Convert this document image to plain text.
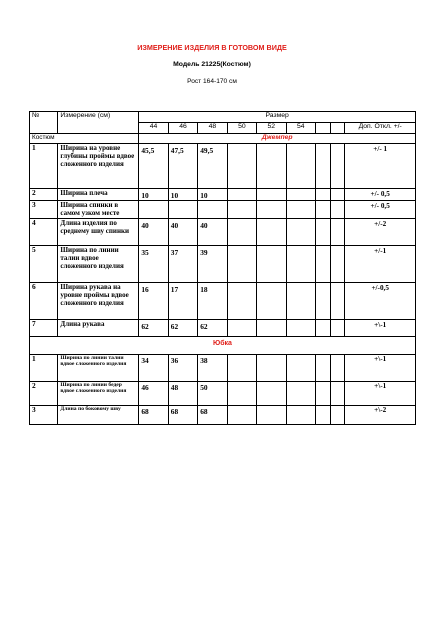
ИЗМЕРЕНИЕ ИЗДЕЛИЯ В ГОТОВОМ ВИДЕ
Модель 21225(Костюм)
Рост 164-170 см
№	Измерение (см)	Размер								
		44	46	48	50	52	54			Доп. Откл. +/-
Костюм		Джемпер								
1	Ширина на уровне глубины проймы вдвое сложенного изделия	45,5	47,5	49,5						+/- 1
2	Ширина плеча	10	10	10						+/- 0,5
3	Ширина спинки в самом узком месте									+/- 0,5
4	Длина изделия по среднему шву спинки	40	40	40						+/-2
5	Ширина по линии талии вдвое сложенного изделия	35	37	39						+/-1
6	Ширина рукава на уровне проймы вдвое сложенного изделия	16	17	18						+/-0,5
7	Длина рукава	62	62	62						+\-1
Юбка										
1	Ширина по линии талии вдвое сложенного изделия	34	36	38						+\-1
2	Ширина по линии бедер вдвое сложенного изделия	46	48	50						+\-1
3	Длина по боковому шву	68	68	68						+\-2
